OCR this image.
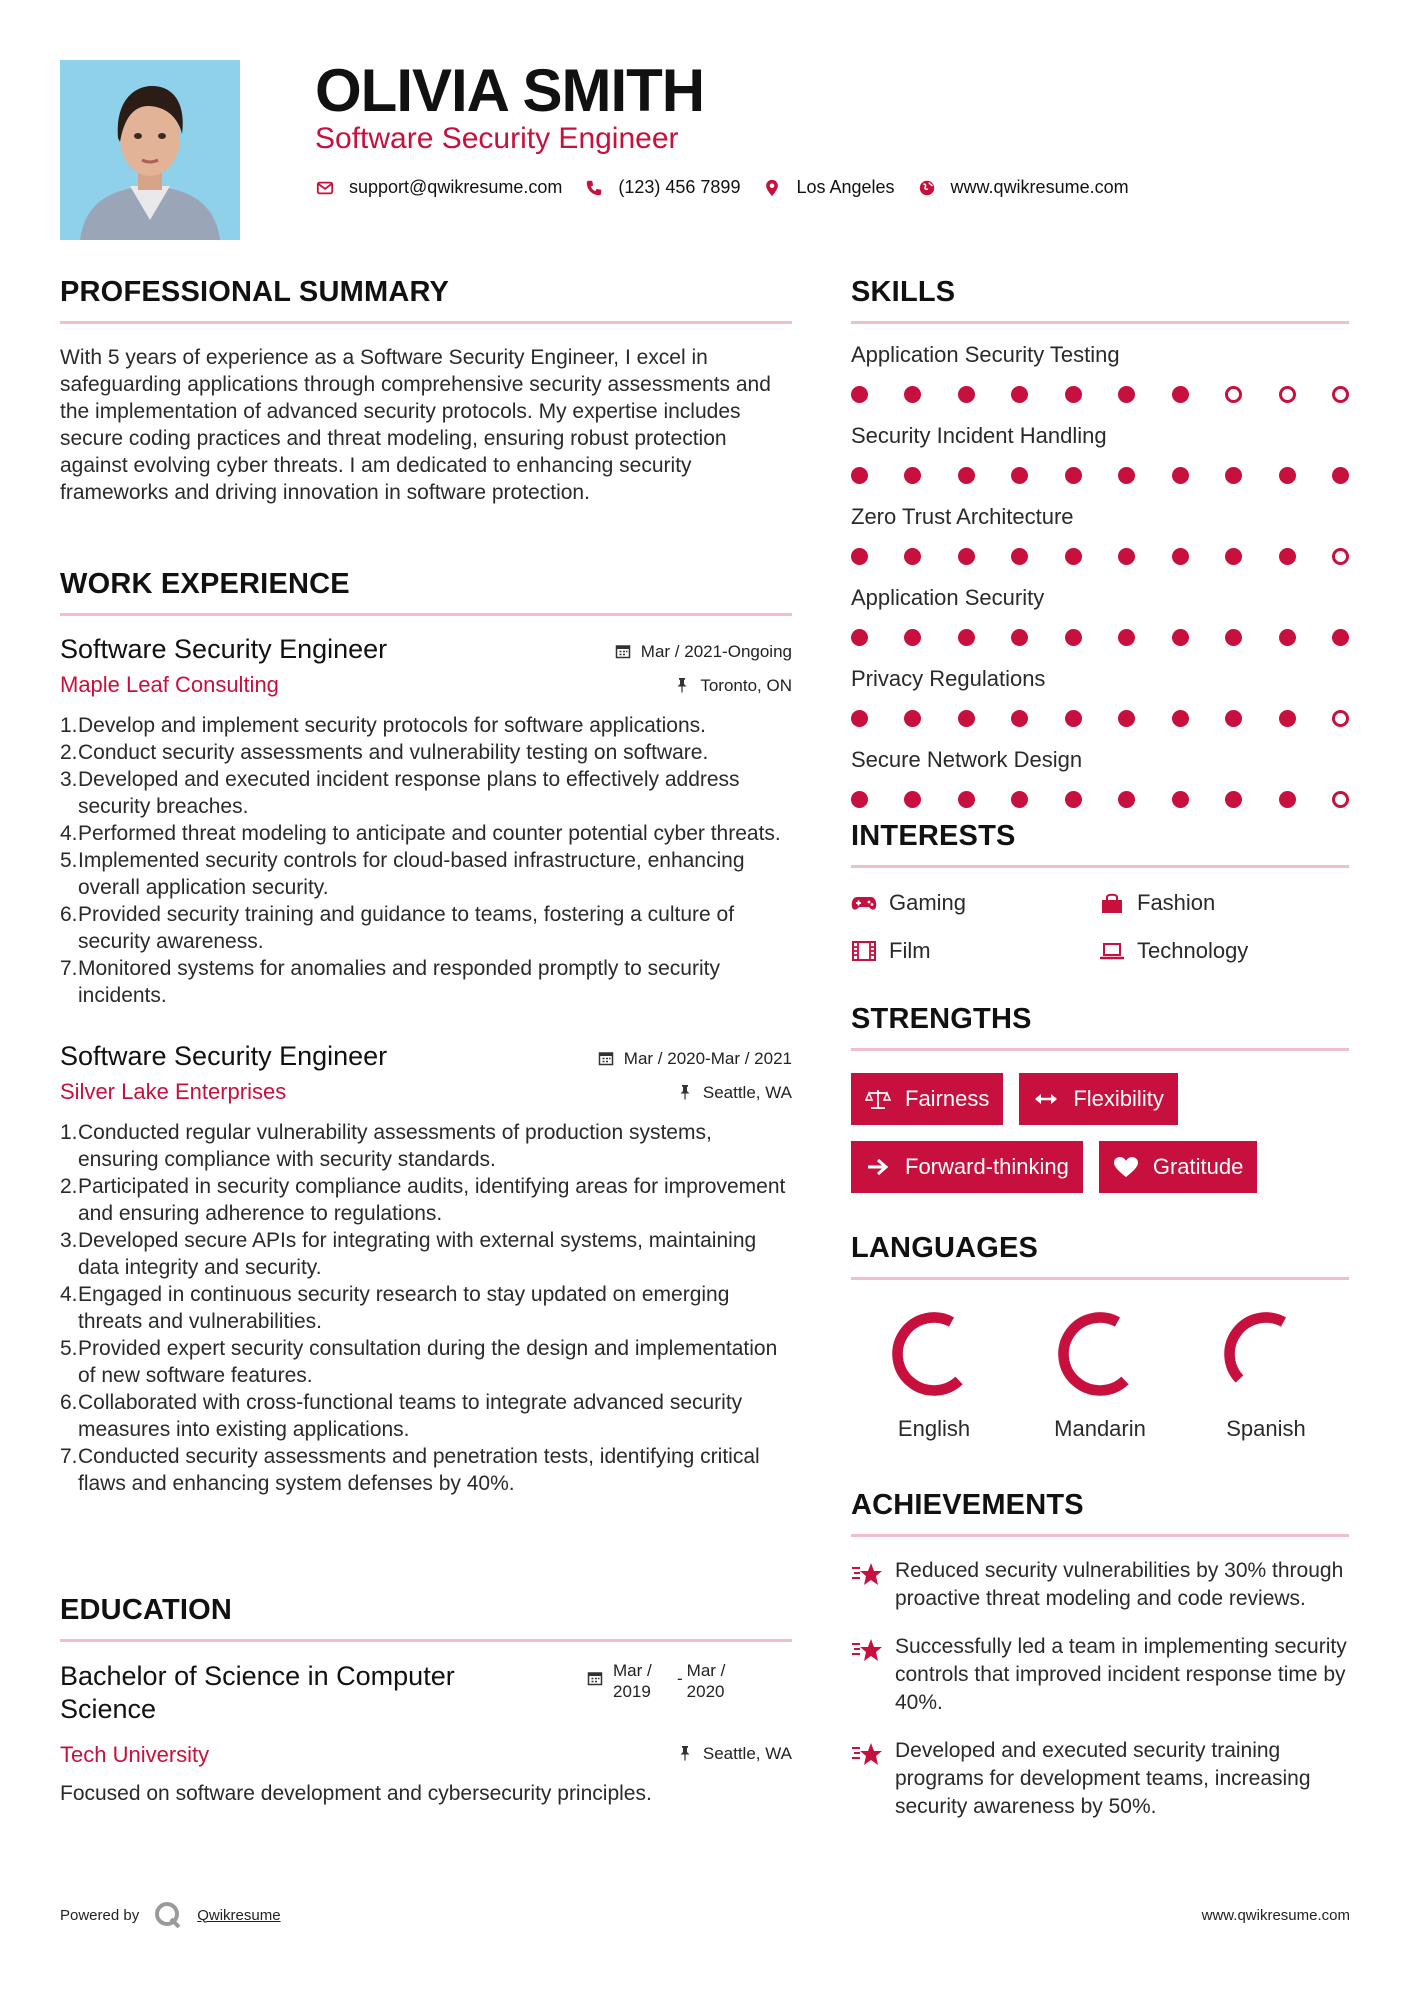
OLIVIA SMITH
Software Security Engineer
support@qwikresume.com	(123) 456 7899	Los Angeles	www.qwikresume.com
PROFESSIONAL SUMMARY
With 5 years of experience as a Software Security Engineer, I excel in safeguarding applications through comprehensive security assessments and the implementation of advanced security protocols. My expertise includes secure coding practices and threat modeling, ensuring robust protection against evolving cyber threats. I am dedicated to enhancing security frameworks and driving innovation in software protection.
WORK EXPERIENCE
Software Security Engineer
Maple Leaf Consulting
Mar / 2021-Ongoing
Toronto, ON
1. Develop and implement security protocols for software applications.
2. Conduct security assessments and vulnerability testing on software.
3. Developed and executed incident response plans to effectively address security breaches.
4. Performed threat modeling to anticipate and counter potential cyber threats.
5. Implemented security controls for cloud-based infrastructure, enhancing overall application security.
6. Provided security training and guidance to teams, fostering a culture of security awareness.
7. Monitored systems for anomalies and responded promptly to security incidents.
Software Security Engineer
Silver Lake Enterprises
Mar / 2020-Mar / 2021
Seattle, WA
1. Conducted regular vulnerability assessments of production systems, ensuring compliance with security standards.
2. Participated in security compliance audits, identifying areas for improvement and ensuring adherence to regulations.
3. Developed secure APIs for integrating with external systems, maintaining data integrity and security.
4. Engaged in continuous security research to stay updated on emerging threats and vulnerabilities.
5. Provided expert security consultation during the design and implementation of new software features.
6. Collaborated with cross-functional teams to integrate advanced security measures into existing applications.
7. Conducted security assessments and penetration tests, identifying critical flaws and enhancing system defenses by 40%.
EDUCATION
Bachelor of Science in Computer
Science
Tech University
Mar /
2019
- Mar /
2020
Seattle, WA
Focused on software development and cybersecurity principles.
SKILLS
Application Security Testing
Security Incident Handling
Zero Trust Architecture
Application Security
Privacy Regulations
Secure Network Design
INTERESTS
Gaming	Fashion
Film	Technology
STRENGTHS
Fairness	Flexibility
Forward-thinking	Gratitude
LANGUAGES
English	Mandarin	Spanish
ACHIEVEMENTS
Reduced security vulnerabilities by 30% through proactive threat modeling and code reviews.
Successfully led a team in implementing security controls that improved incident response time by 40%.
Developed and executed security training programs for development teams, increasing security awareness by 50%.
Powered by	Qwikresume	www.qwikresume.com
